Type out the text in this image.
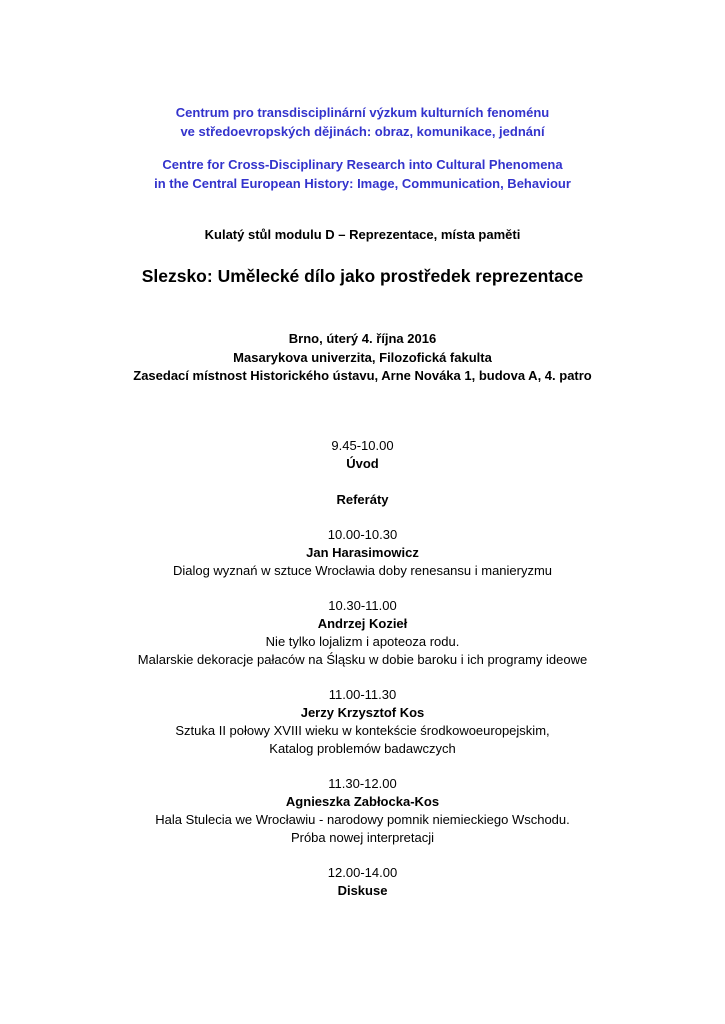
Centrum pro transdisciplinární výzkum kulturních fenoménu
ve středoevropských dějinách: obraz, komunikace, jednání
Centre for Cross-Disciplinary Research into Cultural Phenomena
in the Central European History: Image, Communication, Behaviour
Kulatý stůl modulu D – Reprezentace, místa paměti
Slezsko: Umělecké dílo jako prostředek reprezentace
Brno, úterý 4. října 2016
Masarykova univerzita, Filozofická fakulta
Zasedací místnost Historického ústavu, Arne Nováka 1, budova A, 4. patro
9.45-10.00
Úvod
Referáty
10.00-10.30
Jan Harasimowicz
Dialog wyznań w sztuce Wrocławia doby renesansu i manieryzmu
10.30-11.00
Andrzej Kozieł
Nie tylko lojalizm i apoteoza rodu.
Malarskie dekoracje pałaców na Śląsku w dobie baroku i ich programy ideowe
11.00-11.30
Jerzy Krzysztof Kos
Sztuka II połowy XVIII wieku w kontekście środkowoeuropejskim,
Katalog problemów badawczych
11.30-12.00
Agnieszka Zabłocka-Kos
Hala Stulecia we Wrocławiu - narodowy pomnik niemieckiego Wschodu.
Próba nowej interpretacji
12.00-14.00
Diskuse
